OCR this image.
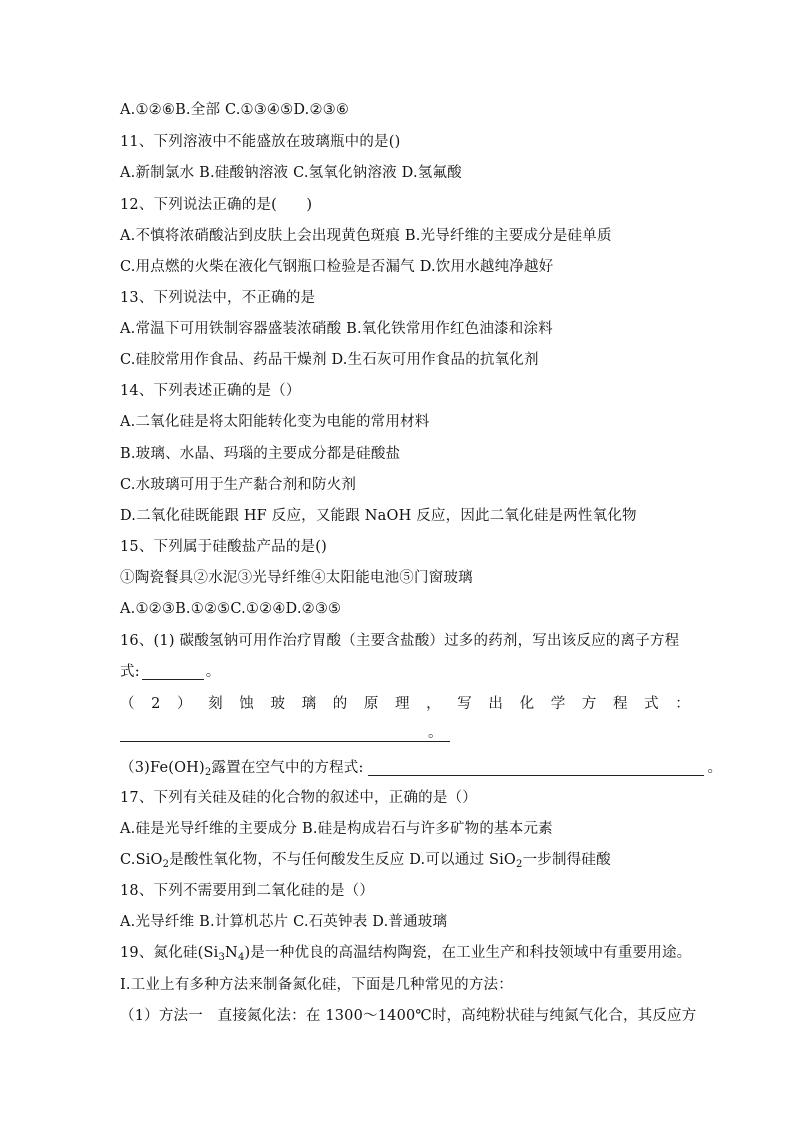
A.①②⑥B.全部 C.①③④⑤D.②③⑥
11、下列溶液中不能盛放在玻璃瓶中的是()
A.新制氯水 B.硅酸钠溶液 C.氢氧化钠溶液 D.氢氟酸
12、下列说法正确的是(　　)
A.不慎将浓硝酸沾到皮肤上会出现黄色斑痕 B.光导纤维的主要成分是硅单质
C.用点燃的火柴在液化气钢瓶口检验是否漏气 D.饮用水越纯净越好
13、下列说法中，不正确的是
A.常温下可用铁制容器盛装浓硝酸 B.氧化铁常用作红色油漆和涂料
C.硅胶常用作食品、药品干燥剂 D.生石灰可用作食品的抗氧化剂
14、下列表述正确的是（）
A.二氧化硅是将太阳能转化变为电能的常用材料
B.玻璃、水晶、玛瑙的主要成分都是硅酸盐
C.水玻璃可用于生产黏合剂和防火剂
D.二氧化硅既能跟 HF 反应，又能跟 NaOH 反应，因此二氧化硅是两性氧化物
15、下列属于硅酸盐产品的是()
①陶瓷餐具②水泥③光导纤维④太阳能电池⑤门窗玻璃
A.①②③B.①②⑤C.①②④D.②③⑤
16、(1) 碳酸氢钠可用作治疗胃酸（主要含盐酸）过多的药剂，写出该反应的离子方程
式:	。
（ 2 ） 刻 蚀 玻 璃 的 原 理 ， 写 出 化 学 方 程 式 ：
。
$(3)Fe(OH)_2$露置在空气中的方程式:	。
17、下列有关硅及硅的化合物的叙述中，正确的是（）
A.硅是光导纤维的主要成分 B.硅是构成岩石与许多矿物的基本元素
C.SiO$_2$是酸性氧化物，不与任何酸发生反应 D.可以通过 SiO$_2$一步制得硅酸
18、下列不需要用到二氧化硅的是（）
A.光导纤维 B.计算机芯片 C.石英钟表 D.普通玻璃
19、氮化硅$(Si_3N_4)$是一种优良的高温结构陶瓷，在工业生产和科技领域中有重要用途。
Ⅰ.工业上有多种方法来制备氮化硅，下面是几种常见的方法：
（1）方法一　直接氮化法：在 1300～1400℃时，高纯粉状硅与纯氮气化合，其反应方
